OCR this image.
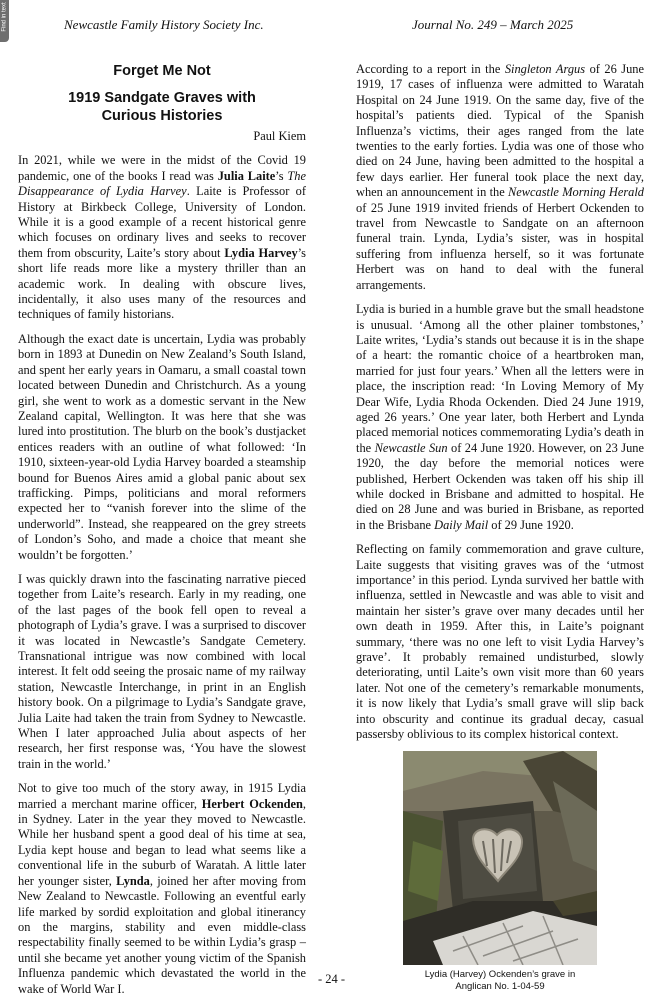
Find in text	Newcastle Family History Society Inc.	Journal No. 249 – March 2025
Forget Me Not
1919 Sandgate Graves with
Curious Histories

Paul Kiem

In 2021, while we were in the midst of the Covid 19 pandemic, one of the books I read was Julia Laite’s The Disappearance of Lydia Harvey. Laite is Professor of History at Birkbeck College, University of London. While it is a good example of a recent historical genre which focuses on ordinary lives and seeks to recover them from obscurity, Laite’s story about Lydia Harvey’s short life reads more like a mystery thriller than an academic work. In dealing with obscure lives, incidentally, it also uses many of the resources and techniques of family historians.

Although the exact date is uncertain, Lydia was probably born in 1893 at Dunedin on New Zealand’s South Island, and spent her early years in Oamaru, a small coastal town located between Dunedin and Christchurch. As a young girl, she went to work as a domestic servant in the New Zealand capital, Wellington. It was here that she was lured into prostitution. The blurb on the book’s dustjacket entices readers with an outline of what followed: ‘In 1910, sixteen-year-old Lydia Harvey boarded a steamship bound for Buenos Aires amid a global panic about sex trafficking. Pimps, politicians and moral reformers expected her to “vanish forever into the slime of the underworld”. Instead, she reappeared on the grey streets of London’s Soho, and made a choice that meant she wouldn’t be forgotten.’

I was quickly drawn into the fascinating narrative pieced together from Laite’s research. Early in my reading, one of the last pages of the book fell open to reveal a photograph of Lydia’s grave. I was a surprised to discover it was located in Newcastle’s Sandgate Cemetery. Transnational intrigue was now combined with local interest. It felt odd seeing the prosaic name of my railway station, Newcastle Interchange, in print in an English history book. On a pilgrimage to Lydia’s Sandgate grave, Julia Laite had taken the train from Sydney to Newcastle. When I later approached Julia about aspects of her research, her first response was, ‘You have the slowest train in the world.’

Not to give too much of the story away, in 1915 Lydia married a merchant marine officer, Herbert Ockenden, in Sydney. Later in the year they moved to Newcastle. While her husband spent a good deal of his time at sea, Lydia kept house and began to lead what seems like a conventional life in the suburb of Waratah. A little later her younger sister, Lynda, joined her after moving from New Zealand to Newcastle. Following an eventful early life marked by sordid exploitation and global itinerancy on the margins, stability and even middle-class respectability finally seemed to be within Lydia’s grasp – until she became yet another young victim of the Spanish Influenza pandemic which devastated the world in the wake of World War I.

According to a report in the Singleton Argus of 26 June 1919, 17 cases of influenza were admitted to Waratah Hospital on 24 June 1919. On the same day, five of the hospital’s patients died. Typical of the Spanish Influenza’s victims, their ages ranged from the late twenties to the early forties. Lydia was one of those who died on 24 June, having been admitted to the hospital a few days earlier. Her funeral took place the next day, when an announcement in the Newcastle Morning Herald of 25 June 1919 invited friends of Herbert Ockenden to travel from Newcastle to Sandgate on an afternoon funeral train. Lynda, Lydia’s sister, was in hospital suffering from influenza herself, so it was fortunate Herbert was on hand to deal with the funeral arrangements.

Lydia is buried in a humble grave but the small headstone is unusual. ‘Among all the other plainer tombstones,’ Laite writes, ‘Lydia’s stands out because it is in the shape of a heart: the romantic choice of a heartbroken man, married for just four years.’ When all the letters were in place, the inscription read: ‘In Loving Memory of My Dear Wife, Lydia Rhoda Ockenden. Died 24 June 1919, aged 26 years.’ One year later, both Herbert and Lynda placed memorial notices commemorating Lydia’s death in the Newcastle Sun of 24 June 1920. However, on 23 June 1920, the day before the memorial notices were published, Herbert Ockenden was taken off his ship ill while docked in Brisbane and admitted to hospital. He died on 28 June and was buried in Brisbane, as reported in the Brisbane Daily Mail of 29 June 1920.

Reflecting on family commemoration and grave culture, Laite suggests that visiting graves was of the ‘utmost importance’ in this period. Lynda survived her battle with influenza, settled in Newcastle and was able to visit and maintain her sister’s grave over many decades until her own death in 1959. After this, in Laite’s poignant summary, ‘there was no one left to visit Lydia Harvey’s grave’. It probably remained undisturbed, slowly deteriorating, until Laite’s own visit more than 60 years later. Not one of the cemetery’s remarkable monuments, it is now likely that Lydia’s small grave will slip back into obscurity and continue its gradual decay, casual passersby oblivious to its complex historical context.

Lydia (Harvey) Ockenden’s grave in
Anglican No. 1-04-59
- 24 -
